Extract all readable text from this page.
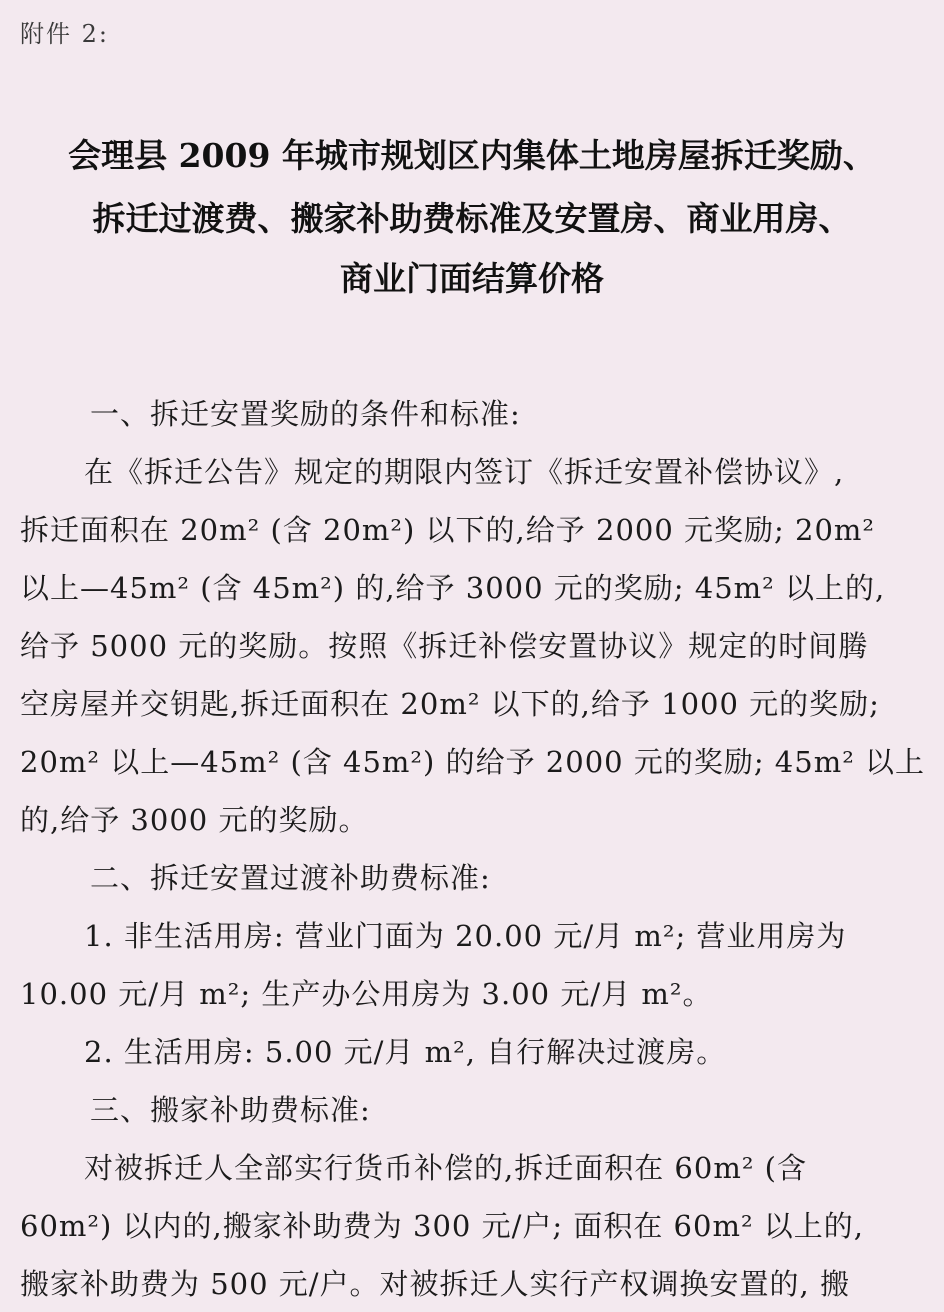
附件 2:
会理县 2009 年城市规划区内集体土地房屋拆迁奖励、
拆迁过渡费、搬家补助费标准及安置房、商业用房、
商业门面结算价格
一、拆迁安置奖励的条件和标准:
在《拆迁公告》规定的期限内签订《拆迁安置补偿协议》,
拆迁面积在 20m² (含 20m²) 以下的,给予 2000 元奖励; 20m²
以上—45m² (含 45m²) 的,给予 3000 元的奖励; 45m² 以上的,
给予 5000 元的奖励。按照《拆迁补偿安置协议》规定的时间腾
空房屋并交钥匙,拆迁面积在 20m² 以下的,给予 1000 元的奖励;
20m² 以上—45m² (含 45m²) 的给予 2000 元的奖励; 45m² 以上
的,给予 3000 元的奖励。
二、拆迁安置过渡补助费标准:
1. 非生活用房: 营业门面为 20.00 元/月 m²; 营业用房为
10.00 元/月 m²; 生产办公用房为 3.00 元/月 m²。
2. 生活用房: 5.00 元/月 m², 自行解决过渡房。
三、搬家补助费标准:
对被拆迁人全部实行货币补偿的,拆迁面积在 60m² (含
60m²) 以内的,搬家补助费为 300 元/户; 面积在 60m² 以上的,
搬家补助费为 500 元/户。对被拆迁人实行产权调换安置的, 搬
